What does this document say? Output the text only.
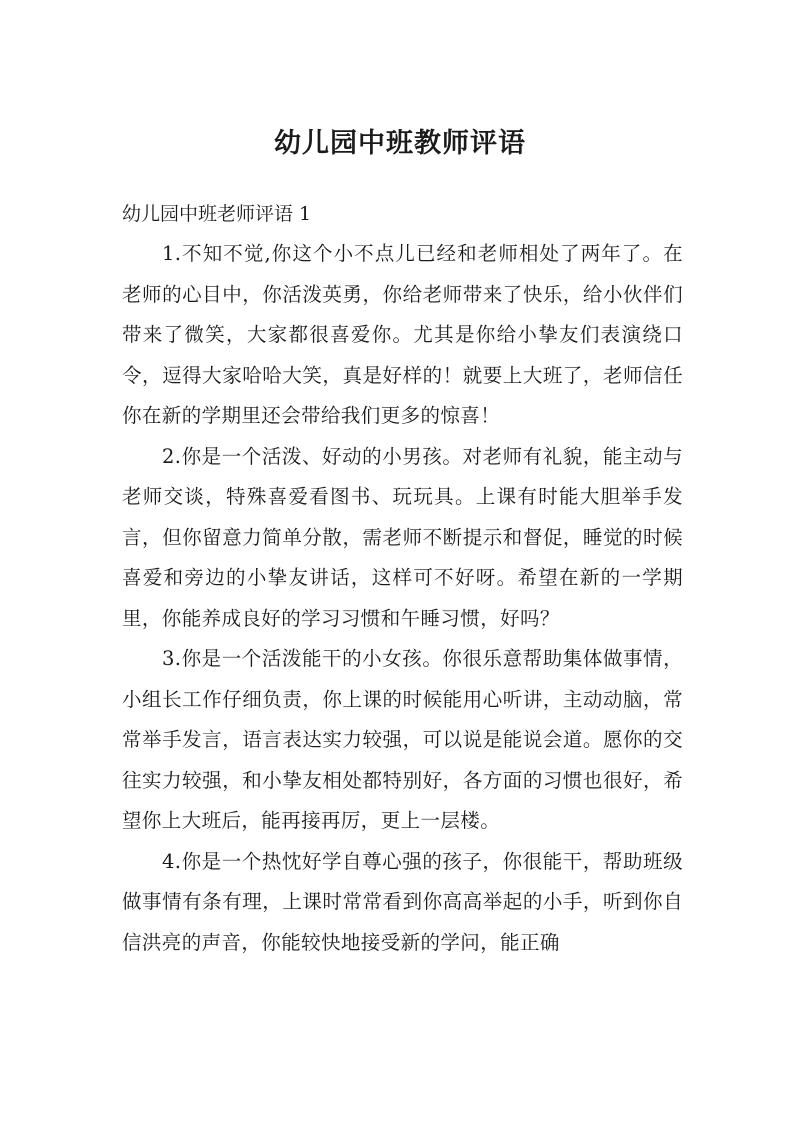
幼儿园中班教师评语

幼儿园中班老师评语 1

1.不知不觉,你这个小不点儿已经和老师相处了两年了。在老师的心目中，你活泼英勇，你给老师带来了快乐，给小伙伴们带来了微笑，大家都很喜爱你。尤其是你给小挚友们表演绕口令，逗得大家哈哈大笑，真是好样的！就要上大班了，老师信任你在新的学期里还会带给我们更多的惊喜！

2.你是一个活泼、好动的小男孩。对老师有礼貌，能主动与老师交谈，特殊喜爱看图书、玩玩具。上课有时能大胆举手发言，但你留意力简单分散，需老师不断提示和督促，睡觉的时候喜爱和旁边的小挚友讲话，这样可不好呀。希望在新的一学期里，你能养成良好的学习习惯和午睡习惯，好吗？

3.你是一个活泼能干的小女孩。你很乐意帮助集体做事情，小组长工作仔细负责，你上课的时候能用心听讲，主动动脑，常常举手发言，语言表达实力较强，可以说是能说会道。愿你的交往实力较强，和小挚友相处都特别好，各方面的习惯也很好，希望你上大班后，能再接再厉，更上一层楼。

4.你是一个热忱好学自尊心强的孩子，你很能干，帮助班级做事情有条有理，上课时常常看到你高高举起的小手，听到你自信洪亮的声音，你能较快地接受新的学问，能正确
